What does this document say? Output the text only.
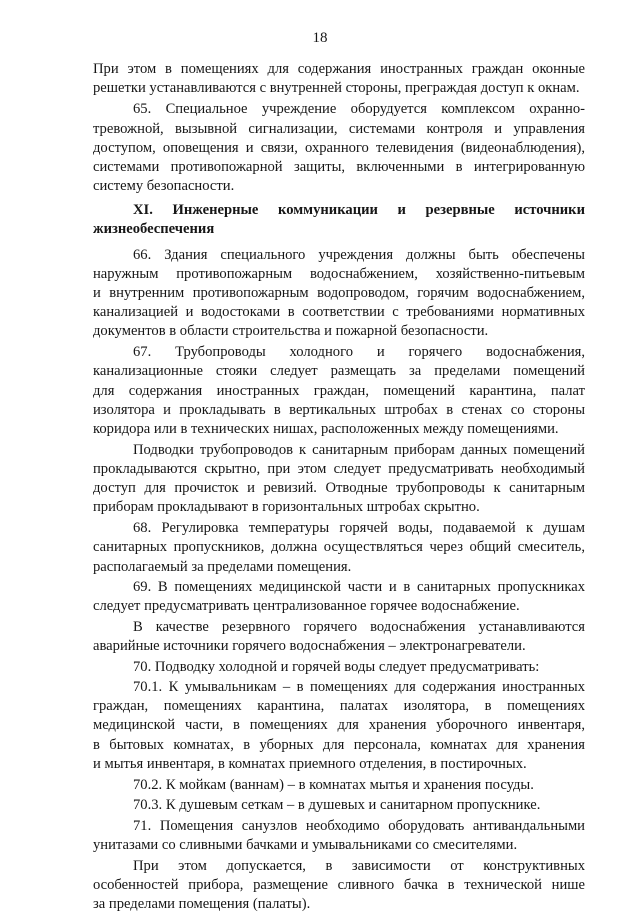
18
При этом в помещениях для содержания иностранных граждан оконные
решетки устанавливаются с внутренней стороны, преграждая доступ к окнам.
65. Специальное учреждение оборудуется комплексом охранно-
тревожной, вызывной сигнализации, системами контроля и управления
доступом, оповещения и связи, охранного телевидения (видеонаблюдения),
системами противопожарной защиты, включенными в интегрированную
систему безопасности.
XI. Инженерные коммуникации и резервные источники
жизнеобеспечения
66. Здания специального учреждения должны быть обеспечены
наружным противопожарным водоснабжением, хозяйственно-питьевым
и внутренним противопожарным водопроводом, горячим водоснабжением,
канализацией и водостоками в соответствии с требованиями нормативных
документов в области строительства и пожарной безопасности.
67. Трубопроводы холодного и горячего водоснабжения,
канализационные стояки следует размещать за пределами помещений
для содержания иностранных граждан, помещений карантина, палат
изолятора и прокладывать в вертикальных штробах в стенах со стороны
коридора или в технических нишах, расположенных между помещениями.
Подводки трубопроводов к санитарным приборам данных помещений
прокладываются скрытно, при этом следует предусматривать необходимый
доступ для прочисток и ревизий. Отводные трубопроводы к санитарным
приборам прокладывают в горизонтальных штробах скрытно.
68. Регулировка температуры горячей воды, подаваемой к душам
санитарных пропускников, должна осуществляться через общий смеситель,
располагаемый за пределами помещения.
69. В помещениях медицинской части и в санитарных пропускниках
следует предусматривать централизованное горячее водоснабжение.
В качестве резервного горячего водоснабжения устанавливаются
аварийные источники горячего водоснабжения – электронагреватели.
70. Подводку холодной и горячей воды следует предусматривать:
70.1. К умывальникам – в помещениях для содержания иностранных
граждан, помещениях карантина, палатах изолятора, в помещениях
медицинской части, в помещениях для хранения уборочного инвентаря,
в бытовых комнатах, в уборных для персонала, комнатах для хранения
и мытья инвентаря, в комнатах приемного отделения, в постирочных.
70.2. К мойкам (ваннам) – в комнатах мытья и хранения посуды.
70.3. К душевым сеткам – в душевых и санитарном пропускнике.
71. Помещения санузлов необходимо оборудовать антивандальными
унитазами со сливными бачками и умывальниками со смесителями.
При этом допускается, в зависимости от конструктивных
особенностей прибора, размещение сливного бачка в технической нише
за пределами помещения (палаты).
